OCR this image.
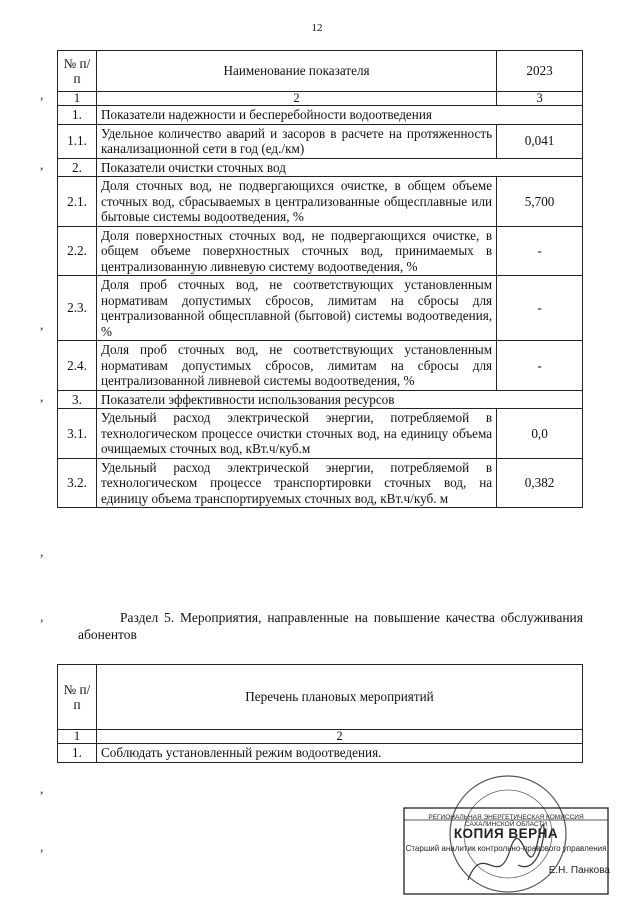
12
№ п/п	Наименование показателя	2023
1	2	3
1.	Показатели надежности и бесперебойности водоотведения	
1.1.	Удельное количество аварий и засоров в расчете на протяженность канализационной сети в год (ед./км)	0,041
2.	Показатели очистки сточных вод	
2.1.	Доля сточных вод, не подвергающихся очистке, в общем объеме сточных вод, сбрасываемых в централизованные общесплавные или бытовые системы водоотведения, %	5,700
2.2.	Доля поверхностных сточных вод, не подвергающихся очистке, в общем объеме поверхностных сточных вод, принимаемых в централизованную ливневую систему водоотведения, %	-
2.3.	Доля проб сточных вод, не соответствующих установленным нормативам допустимых сбросов, лимитам на сбросы для централизованной общесплавной (бытовой) системы водоотведения, %	-
2.4.	Доля проб сточных вод, не соответствующих установленным нормативам допустимых сбросов, лимитам на сбросы для централизованной ливневой системы водоотведения, %	-
3.	Показатели эффективности использования ресурсов	
3.1.	Удельный расход электрической энергии, потребляемой в технологическом процессе очистки сточных вод, на единицу объема очищаемых сточных вод, кВт.ч/куб.м	0,0
3.2.	Удельный расход электрической энергии, потребляемой в технологическом процессе транспортировки сточных вод, на единицу объема транспортируемых сточных вод, кВт.ч/куб. м	0,382
Раздел 5. Мероприятия, направленные на повышение качества обслуживания абонентов
№ п/п	Перечень плановых мероприятий
1	2
1.	Соблюдать установленный режим водоотведения.
,
,
,
,
,
,
,
,
РЕГИОНАЛЬНАЯ ЭНЕРГЕТИЧЕСКАЯ КОМИССИЯ САХАЛИНСКОЙ ОБЛАСТИ
КОПИЯ ВЕРНА
Старший аналитик контрольно-правового управления
Е.Н. Панкова
